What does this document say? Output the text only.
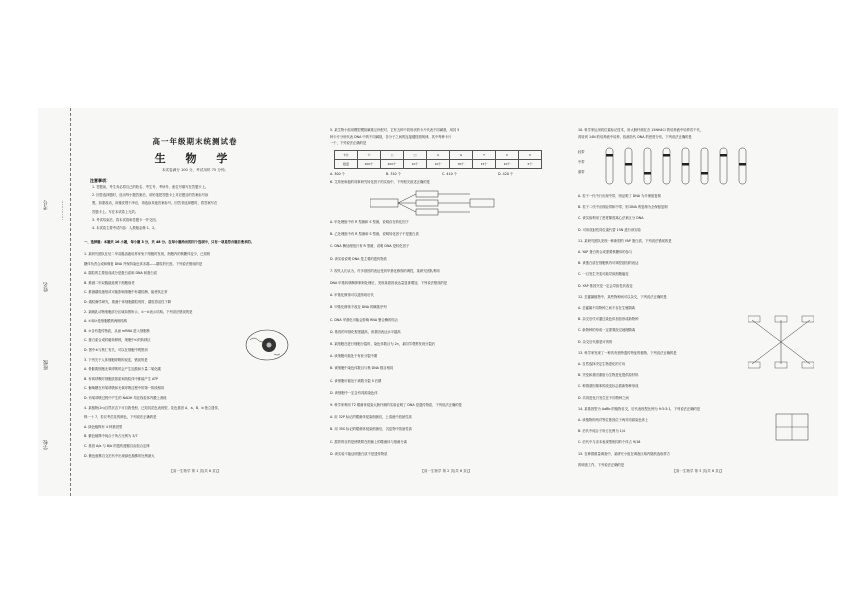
考号
姓名
班级
学校
⋯⋯⋯⋯
高一年级期末统测试卷
生 物 学
本试卷满分 100 分，考试用时 75 分钟。
注意事项：
1. 答题前，考生务必将自己的姓名、考生号、考场号、座位号填写在答题卡上。
2. 回答选择题时，选出每小题答案后，用铅笔把答题卡上对应题目的答案标号涂
黑。如需改动，用橡皮擦干净后，再选涂其他答案标号。回答非选择题时，将答案写在
答题卡上。写在本试卷上无效。
3. 考试结束后，将本试卷和答题卡一并交回。
4. 本试卷主要考试内容：人教版必修 1、2。
一、选择题：本题共 16 小题，每小题 3 分，共 48 分。在每小题给出的四个选项中，只有一项是符合题目要求的。
1. 某研究团队在尼二甲双胍溶液培养家兔下细胞时发现，细胞内的核糖体变少，已知核
糖体负责合成和修复 DNA 并保持染色体末端——端粒的长度。下列说法错误的是
A. 端粒的主要组成成分是蛋白质和 DNA 和蛋白质
B. 推测二甲双胍能延缓下细胞衰老
C. 推测端粒缩短或可能影响细胞中有端粒酶，能使其正常
D. 端粒酶学研究，推测个体细胞端粒短时，端粒将活性下降
2. 某哺乳动物细胞部分区域如图所示，①~⑥表示结构。下列说法错误的是
A. ①和②是细胞膜的两侧结构
B. ⑤含有遗传物质，从而 mRNA 进入细胞核
C. 蛋白质合成时磁转移核，细胞中①的转移区
D. 图中⑥与核仁有关，可以在细胞中观察到
3. 下列关于人体细胞呼吸的叙述，错误的是
A. 骨骼肌细胞无氧呼吸时会产生乳酸和少量二氧化碳
B. 有氧呼吸时细胞质基质和线粒体中都能产生 ATP
C. 葡萄糖在有氧呼吸和无氧呼吸过程中的第一阶段相同
D. 有氧呼吸过程中产生的 NADH 均在线粒体内膜上消耗
4. 某植物(2n)自然状态下可自我受粉，已知其花色表现型，花色基因 A、a、B、b 独立遗传，
株一十 7，若仅考虑花的颜色，下列说法正确的是
A. 绿色植株有 4 种基因型
B. 紫色植株中纯合子所占比例为 3/7
C. 基因 A/a 与 B/b 的遗传遵循自由组合定律
D. 紫色植株自交后代中出现绿色植株的比例最大
【高一生物学 第 1 页(共 6 页)】
5. 某生物小组用模型模拟碱基互补配对，它有五种不同形状的卡片代表不同碱基，用其 5
种卡片分别代表 DNA 中的不同碱基，各分子之间的连接键按照规律，其中每种卡片
一个，下列说法正确的是
卡片	⬠	○	□	A	G	T	C	U
数量	200个	400个	10个	10个	30个	15个	10个	5个
A. 300 个	B. 310 个	C. 410 个	D. 420 个
6. 艾弗里和他的同事研究转化因子的实验中，下列相关叙述正确的是
A. 甲处理组中有 R 型菌和 S 型菌，说明存在转化因子
B. 乙处理组中有 R 型菌和 S 型菌，说明转化因子不是蛋白质
C. DNA 酶处理组只有 R 型菌，说明 DNA 是转化因子
D. 该实验说明 DNA 是主要的遗传物质
7. 现代人们认为，许多基因的表达受到甲基化修饰的调控，某研究团队利用
DNA 甲基转移酶抑制剂处理后，发现某基因表达量显著增加，下列说法错误的是
A. 甲基化修饰可以遗传给后代
B. 甲基化修饰不改变 DNA 的碱基序列
C. DNA 甲基化可能会影响 RNA 聚合酶的结合
D. 基因的甲基化程度越高，该基因表达水平越高
8. 某细胞在进行细胞分裂时，染色体数目为 2n，某同学观察发现分裂后
A. 该细胞可能处于有丝分裂中期
B. 该细胞中染色体数目与核 DNA 数目相同
C. 该细胞可能处于减数分裂 II 后期
D. 该细胞中一定含有同源染色体
9. 科学家利用 T2 噬菌体侵染大肠杆菌的实验证明了 DNA 是遗传物质，下列说法正确的是
A. 用 32P 标记的噬菌体侵染细菌后，上清液中放射性高
B. 用 35S 标记的噬菌体侵染细菌后，沉淀物中放射性高
C. 搅拌的目的是使吸附在细菌上的噬菌体与细菌分离
D. 该实验不能证明蛋白质不是遗传物质
【高一生物学 第 2 页(共 6 页)】
10. 科学家运用同位素标记技术，用大肠杆菌在含 15NH4Cl 的培养液中培养若干代，
再转到 14N 的培养液中培养，检测各代 DNA 的密度分布，下列说法正确的是
轻带
中带
重带
A. 若子一代中只出现中带，则证明了 DNA 为半保留复制
B. 若子二代中出现轻带和中带，则 DNA 的复制为全保留复制
C. 该实验利用了密度梯度离心法来区分 DNA
D. 可用放射性同位素代替 15N 进行该实验
11. 某研究团队发现一种新型的 YAP 蛋白质，下列说法错误的是
A. YAP 蛋白的合成需要核糖体的参与
B. 该蛋白质在细胞核内可调控基因的表达
C. 一旦发生突变可能导致细胞癌变
D. YAP 基因突变一定会导致性状改变
12. 芸薹属植物中，某些物种间可以杂交，下列说法正确的是
A. 芸薹属不同物种之间不存在生殖隔离
B. 杂交后代可通过染色体加倍形成新物种
C. 新物种的形成一定需要经过地理隔离
D. 杂交后代都是可育的
13. 科学家发现了一种具有独特遗传特征的植物，下列说法正确的是
A. 自然选择决定生物进化的方向
B. 突变和基因重组为生物进化提供原材料
C. 种群基因频率的改变标志着新物种形成
D. 共同进化只发生在不同物种之间
14. 某基因型为 AaBb 的植物自交，后代表现型比例为 9:3:3:1，下列说法正确的是
A. 该植物的两对等位基因位于两对同源染色体上
B. 后代中纯合子所占比例为 1/4
C. 后代中与亲本表现型相同的个体占 9/16
15. 在种群数量调查中，某研究小组在调查区域内随机选取样方
的调查工作，下列说法正确的是
【高一生物学 第 3 页(共 6 页)】
